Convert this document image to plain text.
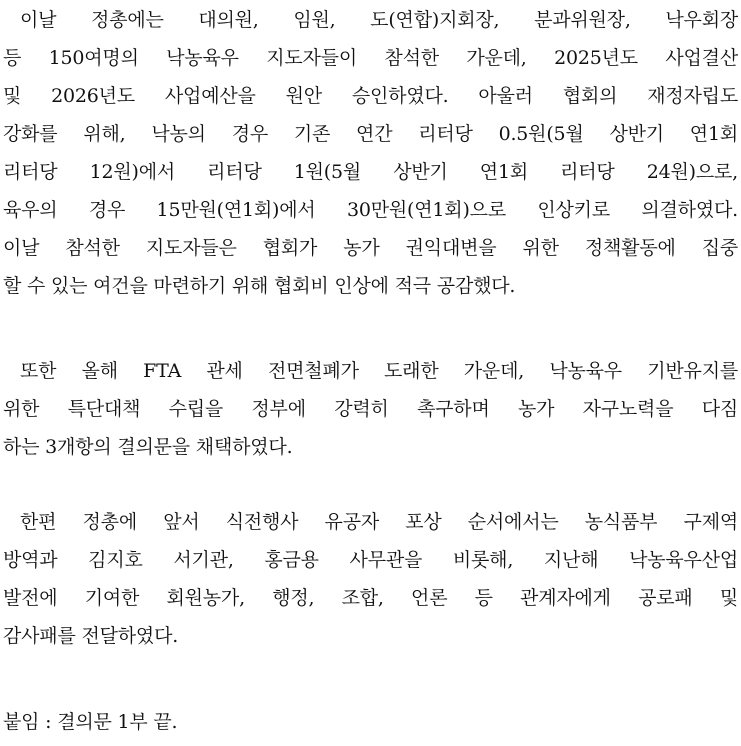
이날 정총에는 대의원, 임원, 도(연합)지회장, 분과위원장, 낙우회장
등 150여명의 낙농육우 지도자들이 참석한 가운데, 2025년도 사업결산
및 2026년도 사업예산을 원안 승인하였다. 아울러 협회의 재정자립도
강화를 위해, 낙농의 경우 기존 연간 리터당 0.5원(5월 상반기 연1회
리터당 12원)에서 리터당 1원(5월 상반기 연1회 리터당 24원)으로,
육우의 경우 15만원(연1회)에서 30만원(연1회)으로 인상키로 의결하였다.
이날 참석한 지도자들은 협회가 농가 권익대변을 위한 정책활동에 집중
할 수 있는 여건을 마련하기 위해 협회비 인상에 적극 공감했다.
또한 올해 FTA 관세 전면철폐가 도래한 가운데, 낙농육우 기반유지를
위한 특단대책 수립을 정부에 강력히 촉구하며 농가 자구노력을 다짐
하는 3개항의 결의문을 채택하였다.
한편 정총에 앞서 식전행사 유공자 포상 순서에서는 농식품부 구제역
방역과 김지호 서기관, 홍금용 사무관을 비롯해, 지난해 낙농육우산업
발전에 기여한 회원농가, 행정, 조합, 언론 등 관계자에게 공로패 및
감사패를 전달하였다.
붙임 : 결의문 1부 끝.
